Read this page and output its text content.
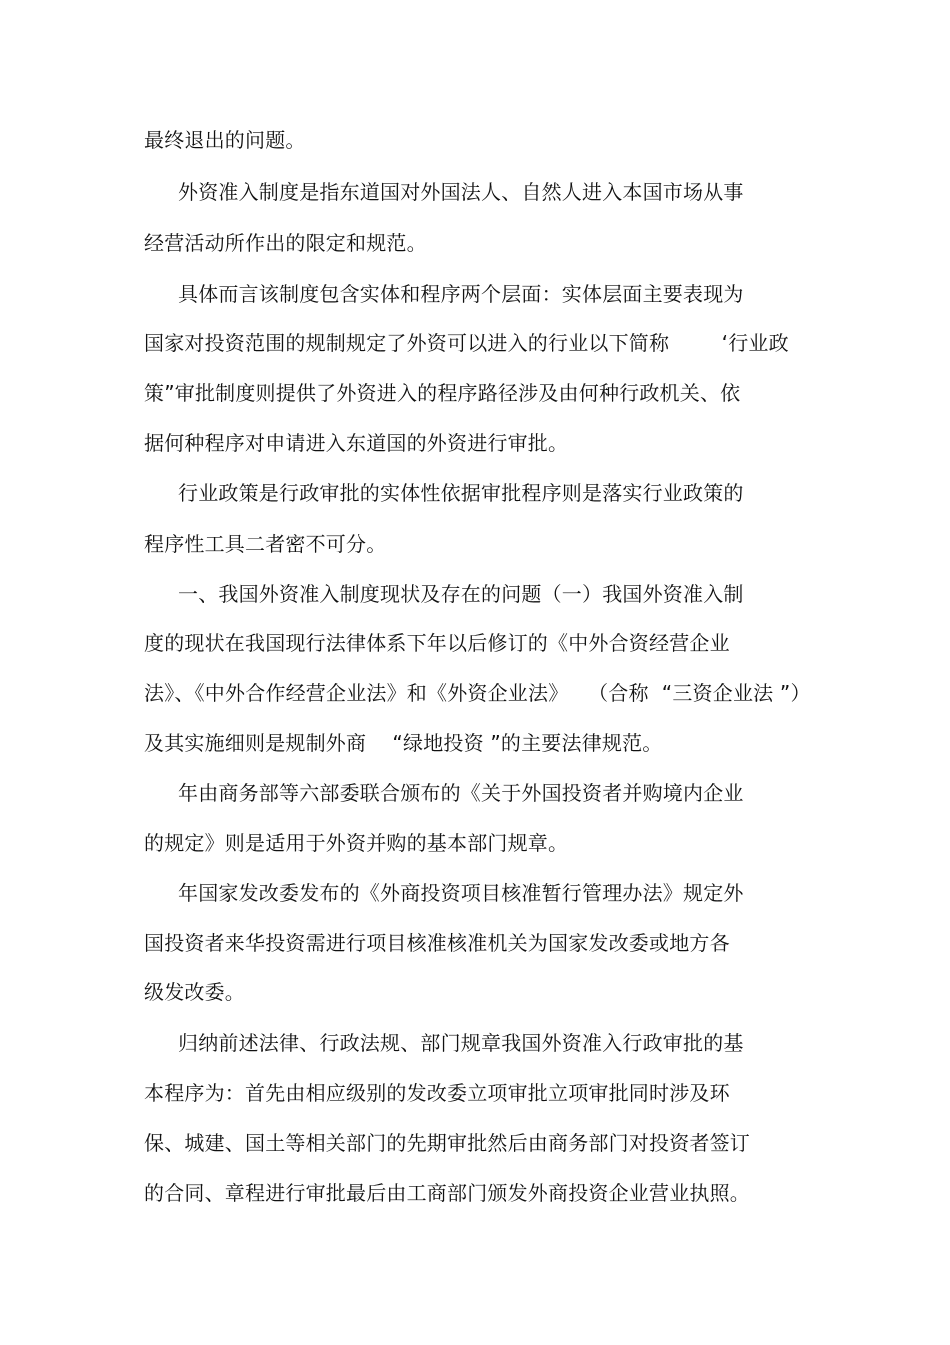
最终退出的问题。
外资准入制度是指东道国对外国法人、自然人进入本国市场从事
经营活动所作出的限定和规范。
具体而言该制度包含实体和程序两个层面：实体层面主要表现为
国家对投资范围的规制规定了外资可以进入的行业以下简称        ‘行业政
策”审批制度则提供了外资进入的程序路径涉及由何种行政机关、依
据何种程序对申请进入东道国的外资进行审批。
行业政策是行政审批的实体性依据审批程序则是落实行业政策的
程序性工具二者密不可分。
一、我国外资准入制度现状及存在的问题（一）我国外资准入制
度的现状在我国现行法律体系下年以后修订的《中外合资经营企业
法》、《中外合作经营企业法》和《外资企业法》   （合称  “三资企业法 ”）
及其实施细则是规制外商    “绿地投资 ”的主要法律规范。
年由商务部等六部委联合颁布的《关于外国投资者并购境内企业
的规定》则是适用于外资并购的基本部门规章。
年国家发改委发布的《外商投资项目核准暂行管理办法》规定外
国投资者来华投资需进行项目核准核准机关为国家发改委或地方各
级发改委。
归纳前述法律、行政法规、部门规章我国外资准入行政审批的基
本程序为：首先由相应级别的发改委立项审批立项审批同时涉及环
保、城建、国土等相关部门的先期审批然后由商务部门对投资者签订
的合同、章程进行审批最后由工商部门颁发外商投资企业营业执照。
